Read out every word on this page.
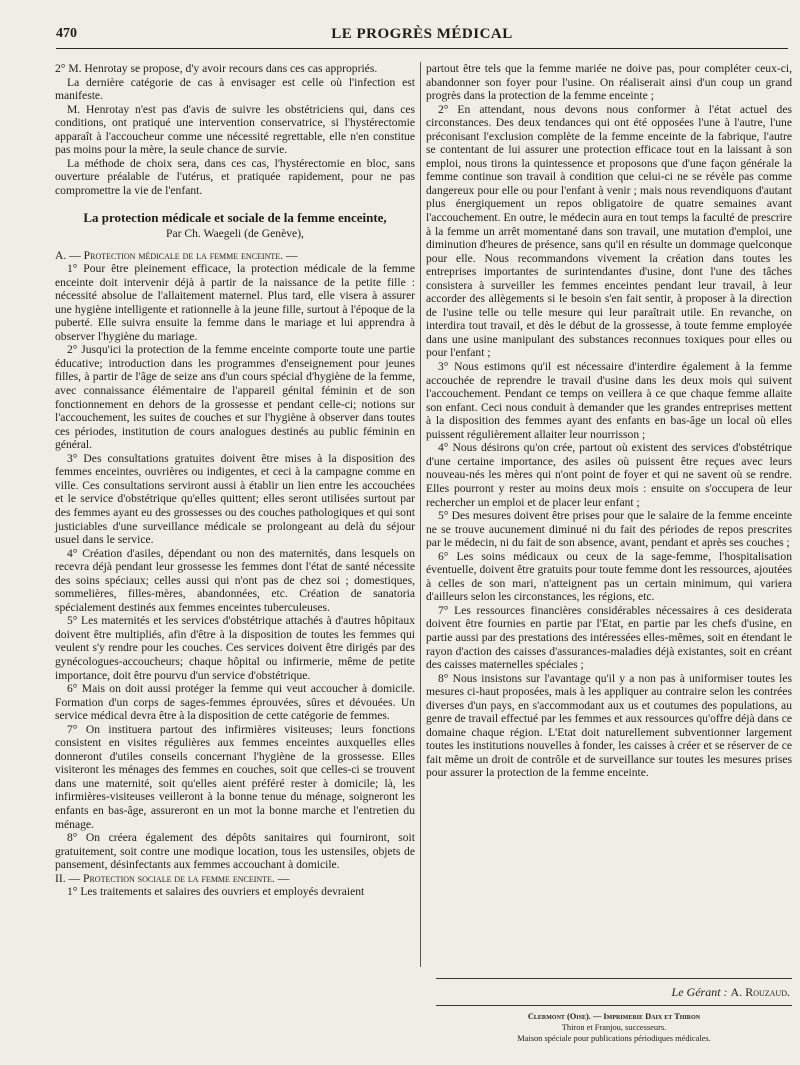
470	LE PROGRÈS MÉDICAL

2° M. Henrotay se propose, d'y avoir recours dans ces cas appropriés.

La dernière catégorie de cas à envisager est celle où l'infection est manifeste.

M. Henrotay n'est pas d'avis de suivre les obstétriciens qui, dans ces conditions, ont pratiqué une intervention conservatrice, si l'hystérectomie apparaît à l'accoucheur comme une nécessité regrettable, elle n'en constitue pas moins pour la mère, la seule chance de survie.

La méthode de choix sera, dans ces cas, l'hystérectomie en bloc, sans ouverture préalable de l'utérus, et pratiquée rapidement, pour ne pas compromettre la vie de l'enfant.

La protection médicale et sociale de la femme enceinte,

Par Ch. Waegeli (de Genève),

A. — Protection médicale de la femme enceinte. —

1° Pour être pleinement efficace, la protection médicale de la femme enceinte doit intervenir déjà à partir de la naissance de la petite fille : nécessité absolue de l'allaitement maternel. Plus tard, elle visera à assurer une hygiène intelligente et rationnelle à la jeune fille, surtout à l'époque de la puberté. Elle suivra ensuite la femme dans le mariage et lui apprendra à observer l'hygiène du mariage.

2° Jusqu'ici la protection de la femme enceinte comporte toute une partie éducative; introduction dans les programmes d'enseignement pour jeunes filles, à partir de l'âge de seize ans d'un cours spécial d'hygiène de la femme, avec connaissance élémentaire de l'appareil génital féminin et de son fonctionnement en dehors de la grossesse et pendant celle-ci; notions sur l'accouchement, les suites de couches et sur l'hygiène à observer dans toutes ces périodes, institution de cours analogues destinés au public féminin en général.

3° Des consultations gratuites doivent être mises à la disposition des femmes enceintes, ouvrières ou indigentes, et ceci à la campagne comme en ville. Ces consultations serviront aussi à établir un lien entre les accouchées et le service d'obstétrique qu'elles quittent; elles seront utilisées surtout par des femmes ayant eu des grossesses ou des couches pathologiques et qui sont justiciables d'une surveillance médicale se prolongeant au delà du séjour usuel dans le service.

4° Création d'asiles, dépendant ou non des maternités, dans lesquels on recevra déjà pendant leur grossesse les femmes dont l'état de santé nécessite des soins spéciaux; celles aussi qui n'ont pas de chez soi ; domestiques, sommelières, filles-mères, abandonnées, etc. Création de sanatoria spécialement destinés aux femmes enceintes tuberculeuses.

5° Les maternités et les services d'obstétrique attachés à d'autres hôpitaux doivent être multipliés, afin d'être à la disposition de toutes les femmes qui veulent s'y rendre pour les couches. Ces services doivent être dirigés par des gynécologues-accoucheurs; chaque hôpital ou infirmerie, même de petite importance, doit être pourvu d'un service d'obstétrique.

6° Mais on doit aussi protéger la femme qui veut accoucher à domicile. Formation d'un corps de sages-femmes éprouvées, sûres et dévouées. Un service médical devra être à la disposition de cette catégorie de femmes.

7° On instituera partout des infirmières visiteuses; leurs fonctions consistent en visites régulières aux femmes enceintes auxquelles elles donneront d'utiles conseils concernant l'hygiène de la grossesse. Elles visiteront les ménages des femmes en couches, soit que celles-ci se trouvent dans une maternité, soit qu'elles aient préféré rester à domicile; là, les infirmières-visiteuses veilleront à la bonne tenue du ménage, soigneront les enfants en bas-âge, assureront en un mot la bonne marche et l'entretien du ménage.

8° On créera également des dépôts sanitaires qui fourniront, soit gratuitement, soit contre une modique location, tous les ustensiles, objets de pansement, désinfectants aux femmes accouchant à domicile.

II. — Protection sociale de la femme enceinte. —

1° Les traitements et salaires des ouvriers et employés devraient

partout être tels que la femme mariée ne doive pas, pour compléter ceux-ci, abandonner son foyer pour l'usine. On réaliserait ainsi d'un coup un grand progrès dans la protection de la femme enceinte ;

2° En attendant, nous devons nous conformer à l'état actuel des circonstances. Des deux tendances qui ont été opposées l'une à l'autre, l'une préconisant l'exclusion complète de la femme enceinte de la fabrique, l'autre se contentant de lui assurer une protection efficace tout en la laissant à son emploi, nous tirons la quintessence et proposons que d'une façon générale la femme continue son travail à condition que celui-ci ne se révèle pas comme dangereux pour elle ou pour l'enfant à venir ; mais nous revendiquons d'autant plus énergiquement un repos obligatoire de quatre semaines avant l'accouchement. En outre, le médecin aura en tout temps la faculté de prescrire à la femme un arrêt momentané dans son travail, une mutation d'emploi, une diminution d'heures de présence, sans qu'il en résulte un dommage quelconque pour elle. Nous recommandons vivement la création dans toutes les entreprises importantes de surintendantes d'usine, dont l'une des tâches consistera à surveiller les femmes enceintes pendant leur travail, à leur accorder des allègements si le besoin s'en fait sentir, à proposer à la direction de l'usine telle ou telle mesure qui leur paraîtrait utile. En revanche, on interdira tout travail, et dès le début de la grossesse, à toute femme employée dans une usine manipulant des substances reconnues toxiques pour elles ou pour l'enfant ;

3° Nous estimons qu'il est nécessaire d'interdire également à la femme accouchée de reprendre le travail d'usine dans les deux mois qui suivent l'accouchement. Pendant ce temps on veillera à ce que chaque femme allaite son enfant. Ceci nous conduit à demander que les grandes entreprises mettent à la disposition des femmes ayant des enfants en bas-âge un local où elles puissent régulièrement allaiter leur nourrisson ;

4° Nous désirons qu'on crée, partout où existent des services d'obstétrique d'une certaine importance, des asiles où puissent être reçues avec leurs nouveau-nés les mères qui n'ont point de foyer et qui ne savent où se rendre. Elles pourront y rester au moins deux mois : ensuite on s'occupera de leur rechercher un emploi et de placer leur enfant ;

5° Des mesures doivent être prises pour que le salaire de la femme enceinte ne se trouve aucunement diminué ni du fait des périodes de repos prescrites par le médecin, ni du fait de son absence, avant, pendant et après ses couches ;

6° Les soins médicaux ou ceux de la sage-femme, l'hospitalisation éventuelle, doivent être gratuits pour toute femme dont les ressources, ajoutées à celles de son mari, n'atteignent pas un certain minimum, qui variera d'ailleurs selon les circonstances, les régions, etc.

7° Les ressources financières considérables nécessaires à ces desiderata doivent être fournies en partie par l'Etat, en partie par les chefs d'usine, en partie aussi par des prestations des intéressées elles-mêmes, soit en étendant le rayon d'action des caisses d'assurances-maladies déjà existantes, soit en créant des caisses maternelles spéciales ;

8° Nous insistons sur l'avantage qu'il y a non pas à uniformiser toutes les mesures ci-haut proposées, mais à les appliquer au contraire selon les contrées diverses d'un pays, en s'accommodant aux us et coutumes des populations, au genre de travail effectué par les femmes et aux ressources qu'offre déjà dans ce domaine chaque région. L'Etat doit naturellement subventionner largement toutes les institutions nouvelles à fonder, les caisses à créer et se réserver de ce fait même un droit de contrôle et de surveillance sur toutes les mesures prises pour assurer la protection de la femme enceinte.

Le Gérant : A. Rouzaud.
Clermont (Oise). — Imprimerie Daix et Thiron
Thiron et Franjou, successeurs.
Maison spéciale pour publications périodiques médicales.
